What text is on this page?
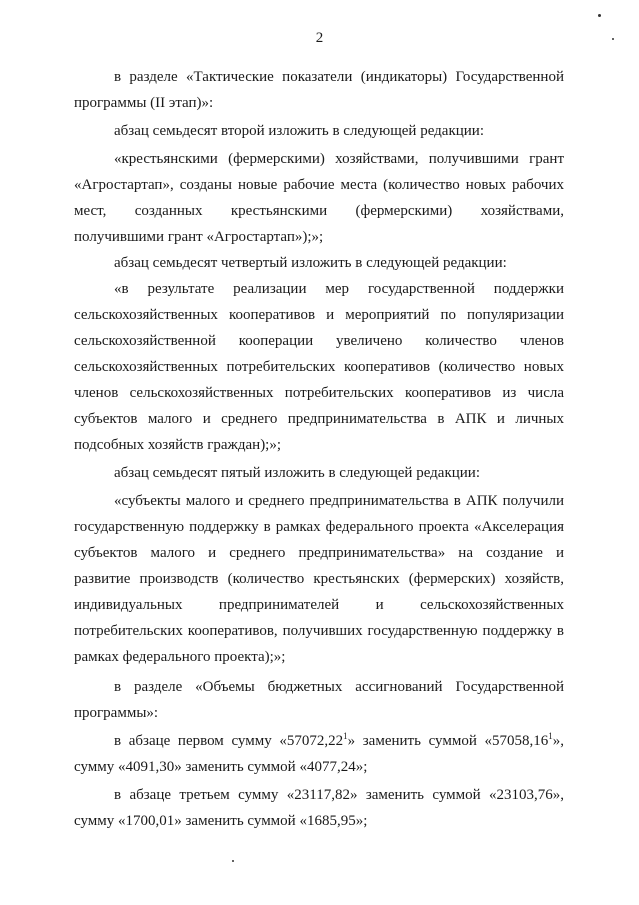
2
в разделе «Тактические показатели (индикаторы) Государственной
программы (II этап)»:
абзац семьдесят второй изложить в следующей редакции:
«крестьянскими (фермерскими) хозяйствами, получившими грант
«Агростартап», созданы новые рабочие места (количество новых рабочих
мест, созданных крестьянскими (фермерскими) хозяйствами,
получившими грант «Агростартап»);»;
абзац семьдесят четвертый изложить в следующей редакции:
«в результате реализации мер государственной поддержки
сельскохозяйственных кооперативов и мероприятий по популяризации
сельскохозяйственной кооперации увеличено количество членов
сельскохозяйственных потребительских кооперативов (количество новых
членов сельскохозяйственных потребительских кооперативов из числа
субъектов малого и среднего предпринимательства в АПК и личных
подсобных хозяйств граждан);»;
абзац семьдесят пятый изложить в следующей редакции:
«субъекты малого и среднего предпринимательства в АПК получили
государственную поддержку в рамках федерального проекта «Акселерация
субъектов малого и среднего предпринимательства» на создание и
развитие производств (количество крестьянских (фермерских) хозяйств,
индивидуальных предпринимателей и сельскохозяйственных
потребительских кооперативов, получивших государственную поддержку в
рамках федерального проекта);»;
в разделе «Объемы бюджетных ассигнований Государственной
программы»:
в абзаце первом сумму «57072,22$^1$» заменить суммой «57058,16$^1$»,
сумму «4091,30» заменить суммой «4077,24»;
в абзаце третьем сумму «23117,82» заменить суммой «23103,76»,
сумму «1700,01» заменить суммой «1685,95»;
